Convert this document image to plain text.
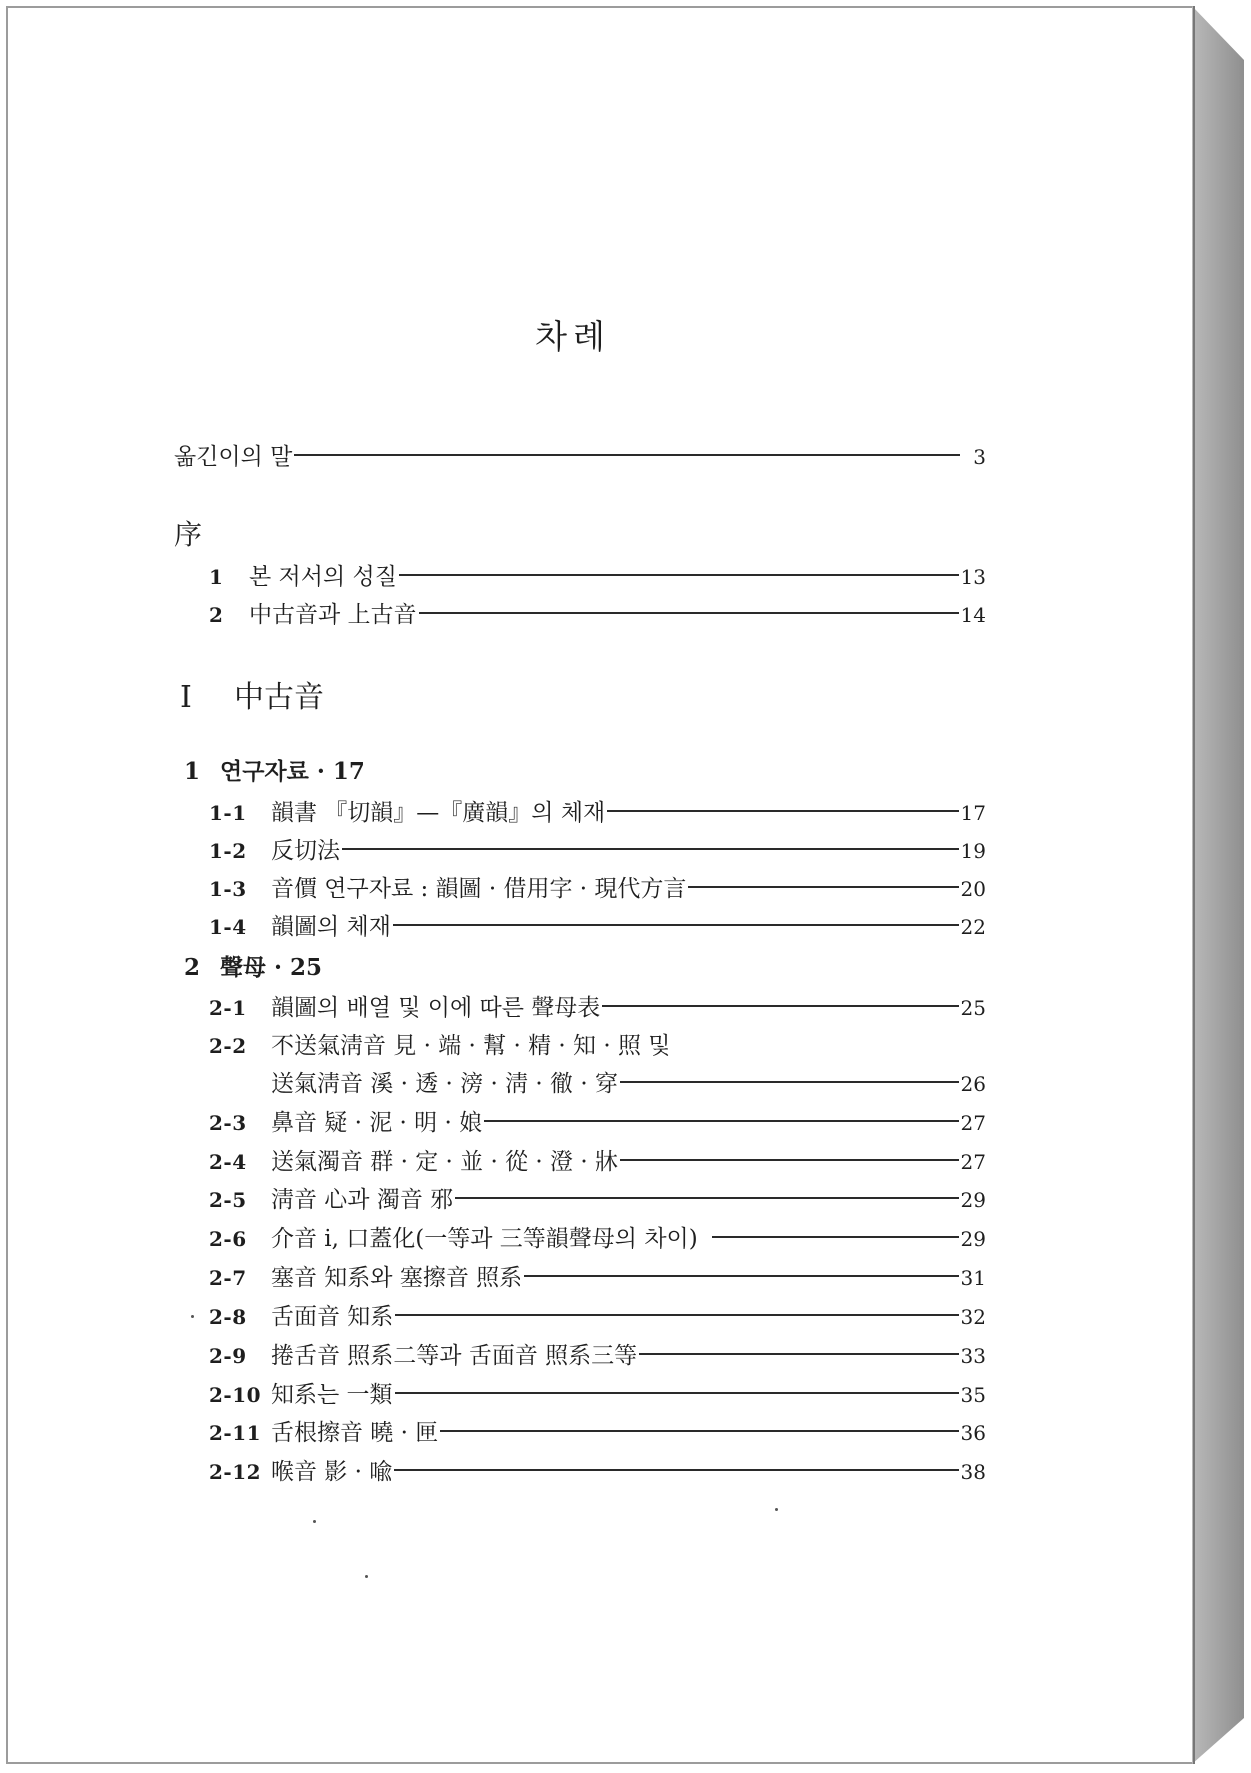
차례
옮긴이의 말	3
序
1	본 저서의 성질	13
2	中古音과 上古音	14
I 中古音
1 연구자료 · 17
1-1	韻書 『切韻』—『廣韻』의 체재	17
1-2	反切法	19
1-3	音價 연구자료 : 韻圖 · 借用字 · 現代方言	20
1-4	韻圖의 체재	22
2 聲母 · 25
2-1	韻圖의 배열 및 이에 따른 聲母表	25
2-2	不送氣淸音 見 · 端 · 幫 · 精 · 知 · 照 및
送氣淸音 溪 · 透 · 滂 · 淸 · 徹 · 穿	26
2-3	鼻音 疑 · 泥 · 明 · 娘	27
2-4	送氣濁音 群 · 定 · 並 · 從 · 澄 · 牀	27
2-5	淸音 心과 濁音 邪	29
2-6	介音 i, 口蓋化(一等과 三等韻聲母의 차이)	29
2-7	塞音 知系와 塞擦音 照系	31
2-8	舌面音 知系	32
2-9	捲舌音 照系二等과 舌面音 照系三等	33
2-10 知系는 一類	35
2-11 舌根擦音 曉 · 匣	36
2-12 喉音 影 · 喩	38
